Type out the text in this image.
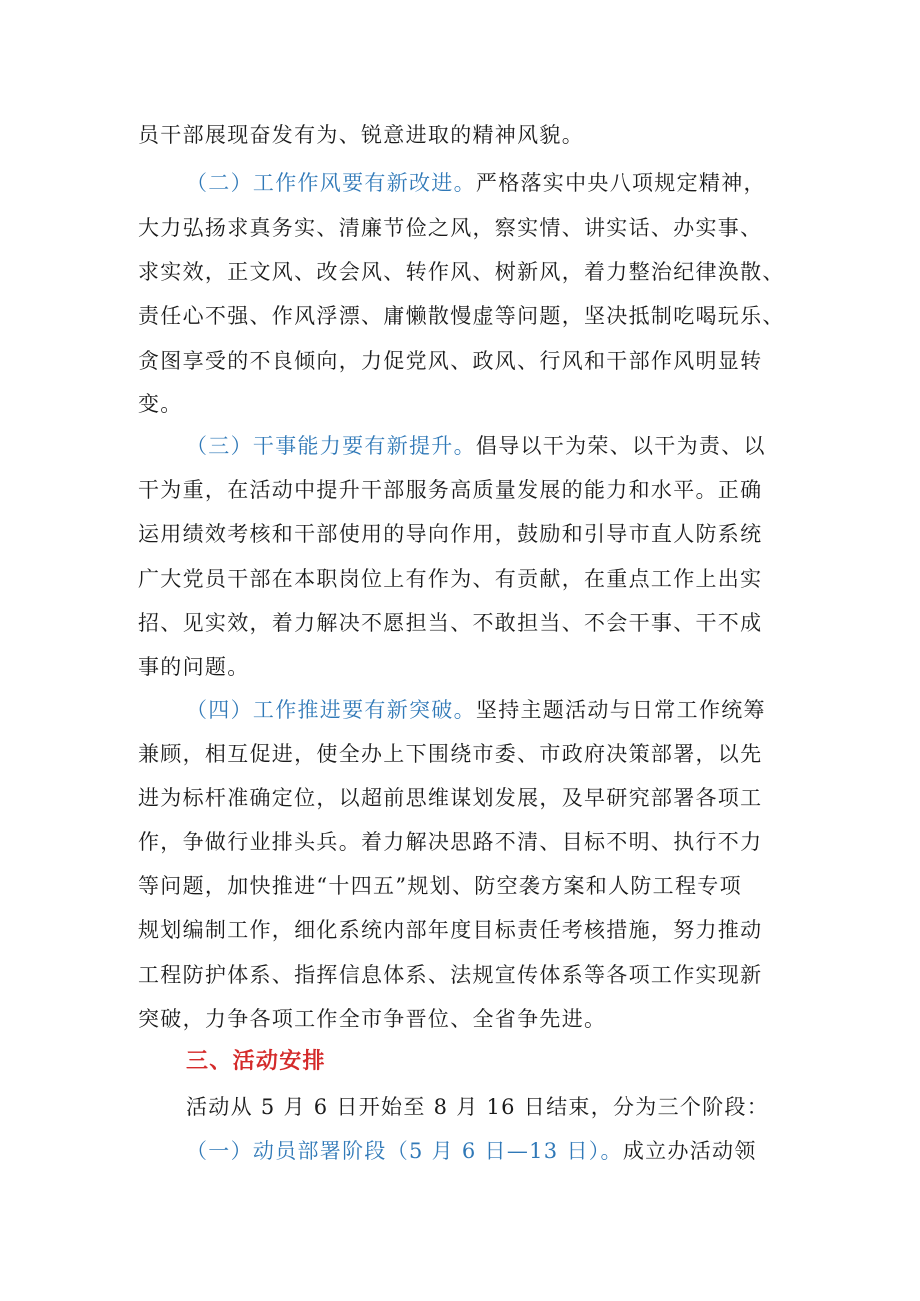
员干部展现奋发有为、锐意进取的精神风貌。
（二）工作作风要有新改进。严格落实中央八项规定精神，
大力弘扬求真务实、清廉节俭之风，察实情、讲实话、办实事、
求实效，正文风、改会风、转作风、树新风，着力整治纪律涣散、
责任心不强、作风浮漂、庸懒散慢虚等问题，坚决抵制吃喝玩乐、
贪图享受的不良倾向，力促党风、政风、行风和干部作风明显转
变。
（三）干事能力要有新提升。倡导以干为荣、以干为责、以
干为重，在活动中提升干部服务高质量发展的能力和水平。正确
运用绩效考核和干部使用的导向作用，鼓励和引导市直人防系统
广大党员干部在本职岗位上有作为、有贡献，在重点工作上出实
招、见实效，着力解决不愿担当、不敢担当、不会干事、干不成
事的问题。
（四）工作推进要有新突破。坚持主题活动与日常工作统筹
兼顾，相互促进，使全办上下围绕市委、市政府决策部署，以先
进为标杆准确定位，以超前思维谋划发展，及早研究部署各项工
作，争做行业排头兵。着力解决思路不清、目标不明、执行不力
等问题，加快推进“十四五”规划、防空袭方案和人防工程专项
规划编制工作，细化系统内部年度目标责任考核措施，努力推动
工程防护体系、指挥信息体系、法规宣传体系等各项工作实现新
突破，力争各项工作全市争晋位、全省争先进。
三、活动安排
活动从 5 月 6 日开始至 8 月 16 日结束，分为三个阶段：
（一）动员部署阶段（5 月 6 日—13 日）。成立办活动领
